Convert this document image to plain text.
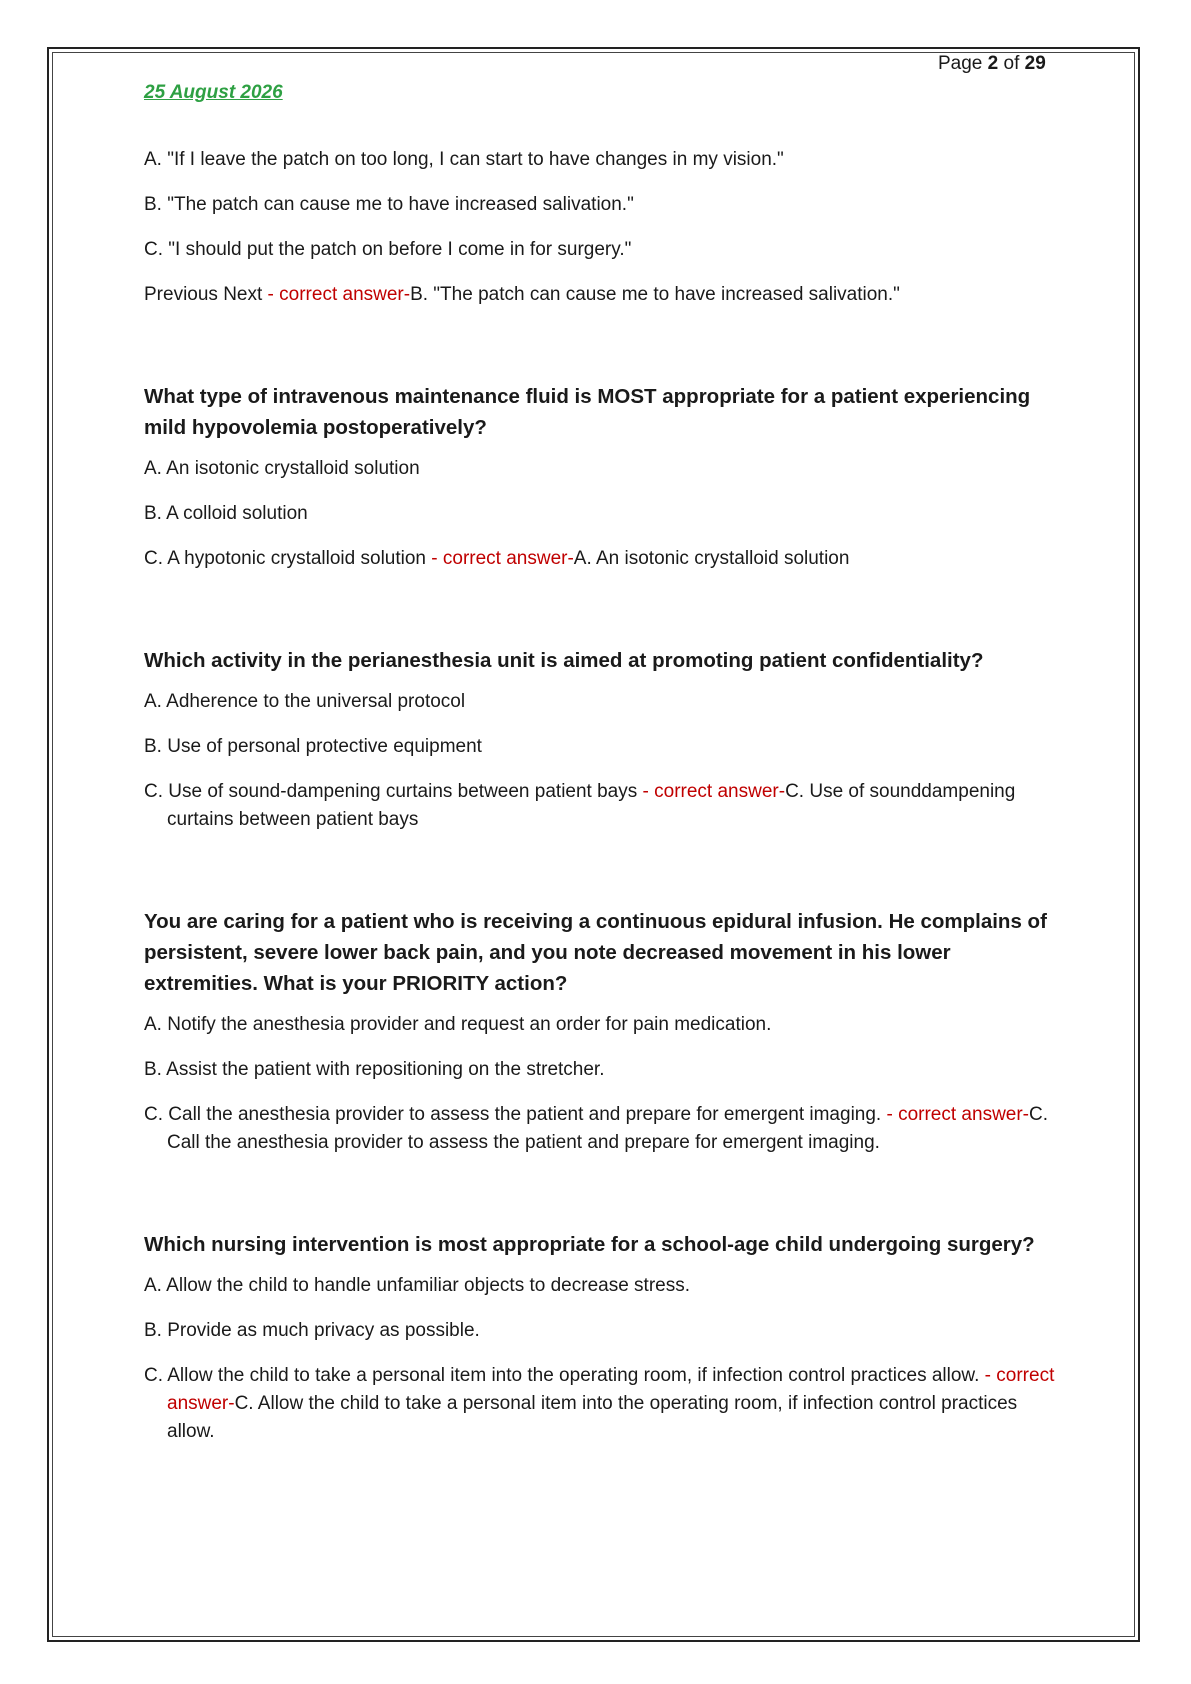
Page 2 of 29
25 August 2026
A. "If I leave the patch on too long, I can start to have changes in my vision."
B. "The patch can cause me to have increased salivation."
C. "I should put the patch on before I come in for surgery."
Previous Next - correct answer-B. "The patch can cause me to have increased salivation."
What type of intravenous maintenance fluid is MOST appropriate for a patient experiencing mild hypovolemia postoperatively?
A. An isotonic crystalloid solution
B. A colloid solution
C. A hypotonic crystalloid solution - correct answer-A. An isotonic crystalloid solution
Which activity in the perianesthesia unit is aimed at promoting patient confidentiality?
A. Adherence to the universal protocol
B. Use of personal protective equipment
C. Use of sound-dampening curtains between patient bays - correct answer-C. Use of sounddampening curtains between patient bays
You are caring for a patient who is receiving a continuous epidural infusion. He complains of persistent, severe lower back pain, and you note decreased movement in his lower extremities. What is your PRIORITY action?
A. Notify the anesthesia provider and request an order for pain medication.
B. Assist the patient with repositioning on the stretcher.
C. Call the anesthesia provider to assess the patient and prepare for emergent imaging. - correct answer-C. Call the anesthesia provider to assess the patient and prepare for emergent imaging.
Which nursing intervention is most appropriate for a school-age child undergoing surgery?
A. Allow the child to handle unfamiliar objects to decrease stress.
B. Provide as much privacy as possible.
C. Allow the child to take a personal item into the operating room, if infection control practices allow. - correct answer-C. Allow the child to take a personal item into the operating room, if infection control practices allow.
